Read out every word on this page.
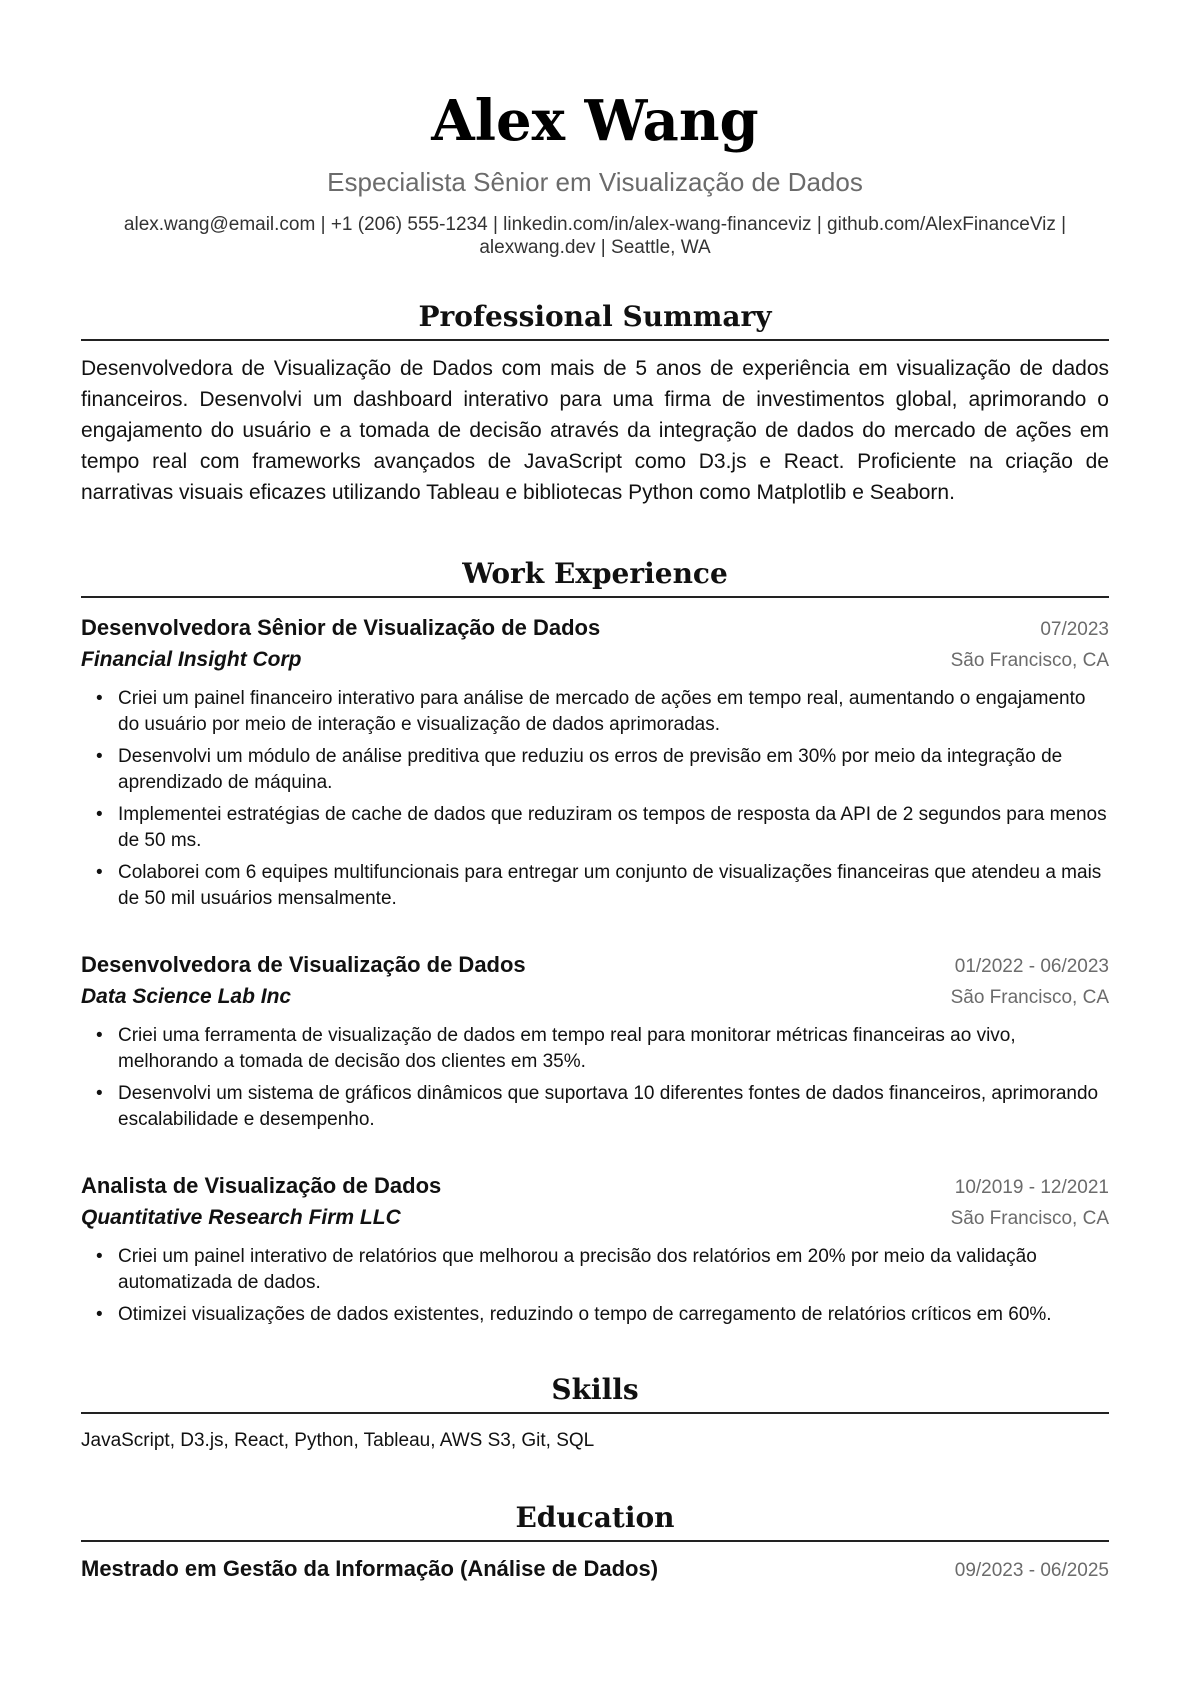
Alex Wang
Especialista Sênior em Visualização de Dados
alex.wang@email.com | +1 (206) 555-1234 | linkedin.com/in/alex-wang-financeviz | github.com/AlexFinanceViz |
alexwang.dev | Seattle, WA
Professional Summary
Desenvolvedora de Visualização de Dados com mais de 5 anos de experiência em visualização de dados financeiros. Desenvolvi um dashboard interativo para uma firma de investimentos global, aprimorando o engajamento do usuário e a tomada de decisão através da integração de dados do mercado de ações em tempo real com frameworks avançados de JavaScript como D3.js e React. Proficiente na criação de narrativas visuais eficazes utilizando Tableau e bibliotecas Python como Matplotlib e Seaborn.
Work Experience
Desenvolvedora Sênior de Visualização de Dados	07/2023
Financial Insight Corp	São Francisco, CA
• Criei um painel financeiro interativo para análise de mercado de ações em tempo real, aumentando o engajamento do usuário por meio de interação e visualização de dados aprimoradas.
• Desenvolvi um módulo de análise preditiva que reduziu os erros de previsão em 30% por meio da integração de aprendizado de máquina.
• Implementei estratégias de cache de dados que reduziram os tempos de resposta da API de 2 segundos para menos de 50 ms.
• Colaborei com 6 equipes multifuncionais para entregar um conjunto de visualizações financeiras que atendeu a mais de 50 mil usuários mensalmente.
Desenvolvedora de Visualização de Dados	01/2022 - 06/2023
Data Science Lab Inc	São Francisco, CA
• Criei uma ferramenta de visualização de dados em tempo real para monitorar métricas financeiras ao vivo, melhorando a tomada de decisão dos clientes em 35%.
• Desenvolvi um sistema de gráficos dinâmicos que suportava 10 diferentes fontes de dados financeiros, aprimorando escalabilidade e desempenho.
Analista de Visualização de Dados	10/2019 - 12/2021
Quantitative Research Firm LLC	São Francisco, CA
• Criei um painel interativo de relatórios que melhorou a precisão dos relatórios em 20% por meio da validação automatizada de dados.
• Otimizei visualizações de dados existentes, reduzindo o tempo de carregamento de relatórios críticos em 60%.
Skills
JavaScript, D3.js, React, Python, Tableau, AWS S3, Git, SQL
Education
Mestrado em Gestão da Informação (Análise de Dados)	09/2023 - 06/2025
